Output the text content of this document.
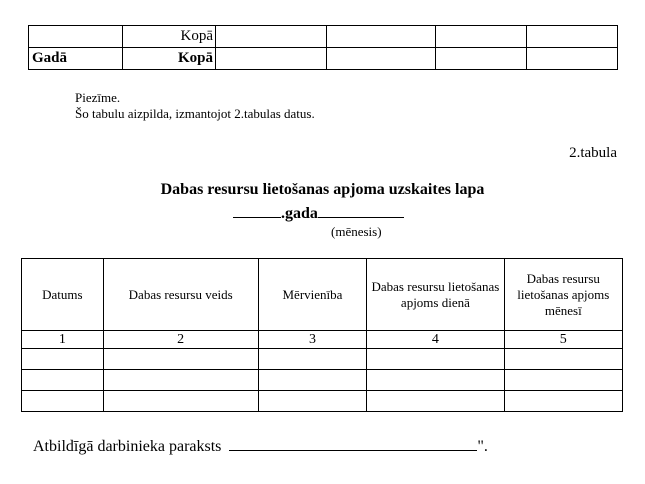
	Kopā				
Gadā	Kopā				
Piezīme.
Šo tabulu aizpilda, izmantojot 2.tabulas datus.
2.tabula
Dabas resursu lietošanas apjoma uzskaites lapa
.gada
(mēnesis)
Datums	Dabas resursu veids	Mērvienība	Dabas resursu lietošanas apjoms dienā	Dabas resursu lietošanas apjoms mēnesī
1	2	3	4	5

Atbildīgā darbinieka paraksts	".
